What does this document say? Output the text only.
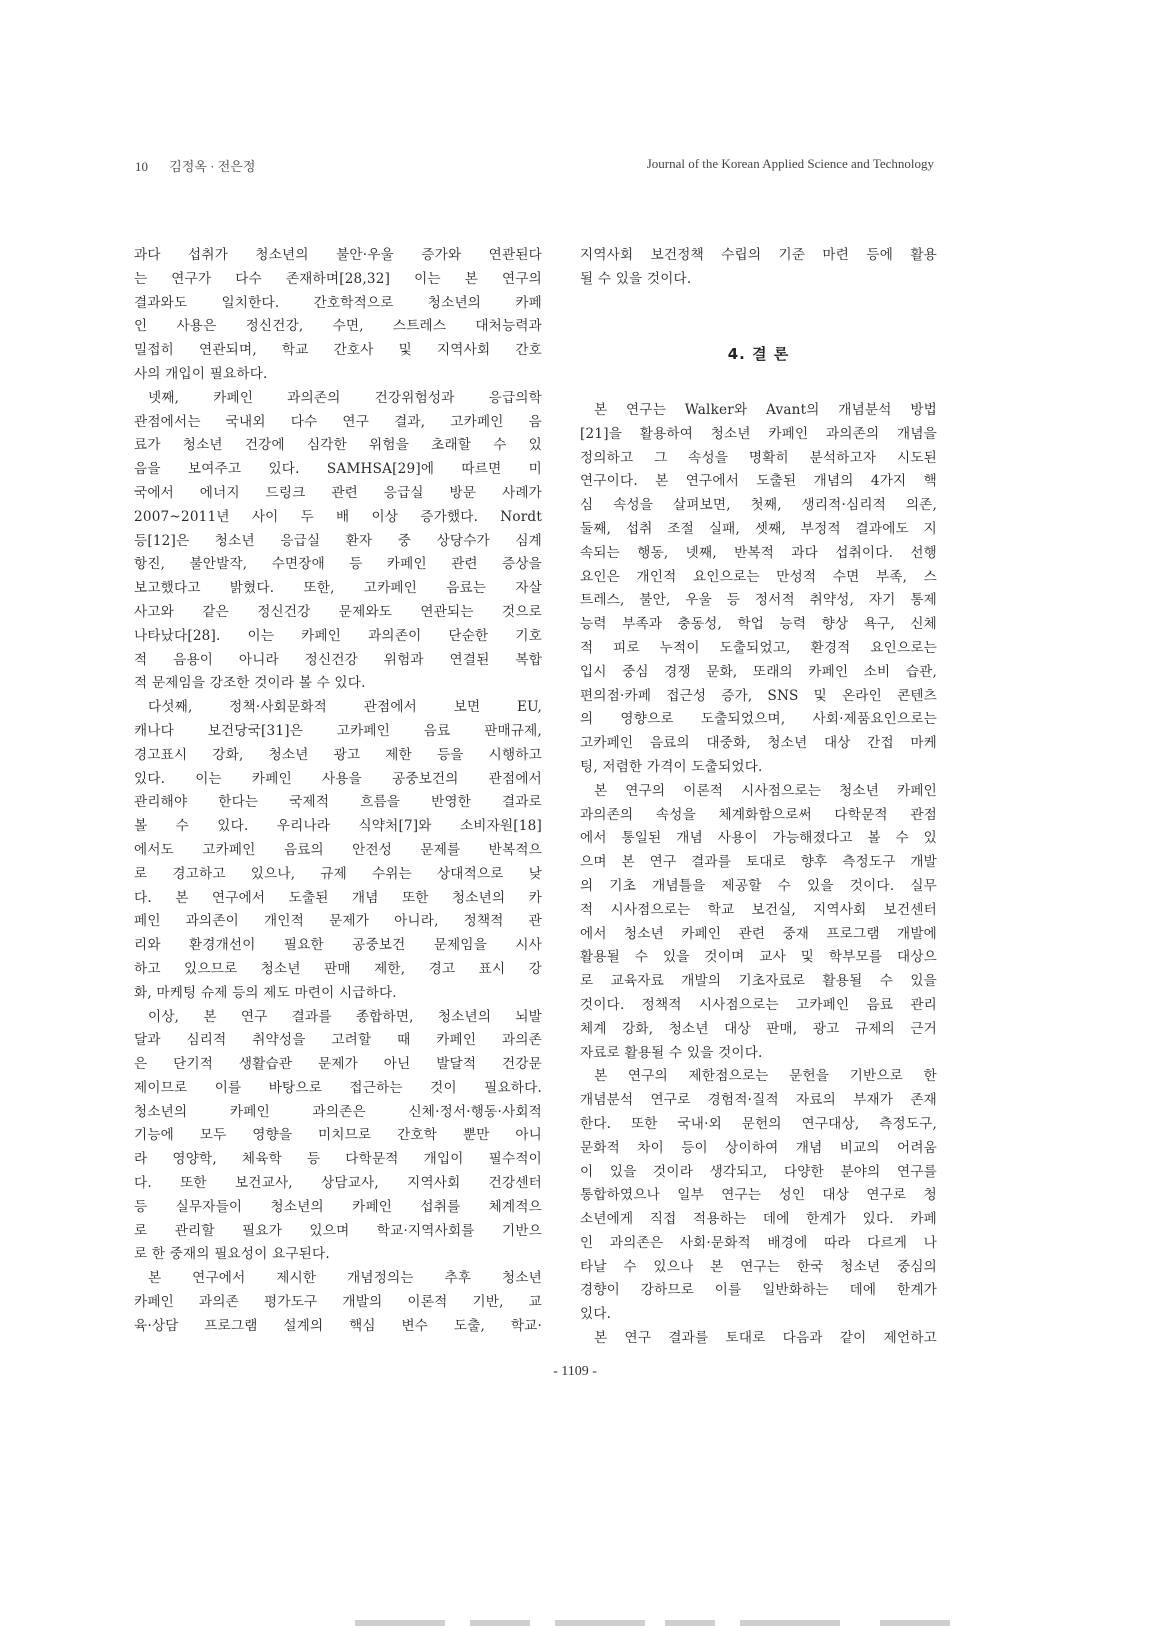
10 김정옥 · 전은정	Journal of the Korean Applied Science and Technology
과다 섭취가 청소년의 불안·우울 증가와 연관된다
는 연구가 다수 존재하며[28,32] 이는 본 연구의
결과와도 일치한다. 간호학적으로 청소년의 카페
인 사용은 정신건강, 수면, 스트레스 대처능력과
밀접히 연관되며, 학교 간호사 및 지역사회 간호
사의 개입이 필요하다.
넷째, 카페인 과의존의 건강위험성과 응급의학
관점에서는 국내외 다수 연구 결과, 고카페인 음
료가 청소년 건강에 심각한 위험을 초래할 수 있
음을 보여주고 있다. SAMHSA[29]에 따르면 미
국에서 에너지 드링크 관련 응급실 방문 사례가
2007~2011년 사이 두 배 이상 증가했다. Nordt
등[12]은 청소년 응급실 환자 중 상당수가 심계
항진, 불안발작, 수면장애 등 카페인 관련 증상을
보고했다고 밝혔다. 또한, 고카페인 음료는 자살
사고와 같은 정신건강 문제와도 연관되는 것으로
나타났다[28]. 이는 카페인 과의존이 단순한 기호
적 음용이 아니라 정신건강 위험과 연결된 복합
적 문제임을 강조한 것이라 볼 수 있다.
다섯째, 정책·사회문화적 관점에서 보면 EU,
캐나다 보건당국[31]은 고카페인 음료 판매규제,
경고표시 강화, 청소년 광고 제한 등을 시행하고
있다. 이는 카페인 사용을 공중보건의 관점에서
관리해야 한다는 국제적 흐름을 반영한 결과로
볼 수 있다. 우리나라 식약처[7]와 소비자원[18]
에서도 고카페인 음료의 안전성 문제를 반복적으
로 경고하고 있으나, 규제 수위는 상대적으로 낮
다. 본 연구에서 도출된 개념 또한 청소년의 카
페인 과의존이 개인적 문제가 아니라, 정책적 관
리와 환경개선이 필요한 공중보건 문제임을 시사
하고 있으므로 청소년 판매 제한, 경고 표시 강
화, 마케팅 슈제 등의 제도 마련이 시급하다.
이상, 본 연구 결과를 종합하면, 청소년의 뇌발
달과 심리적 취약성을 고려할 때 카페인 과의존
은 단기적 생활습관 문제가 아닌 발달적 건강문
제이므로 이를 바탕으로 접근하는 것이 필요하다.
청소년의 카페인 과의존은 신체·정서·행동·사회적
기능에 모두 영향을 미치므로 간호학 뿐만 아니
라 영양학, 체육학 등 다학문적 개입이 필수적이
다. 또한 보건교사, 상담교사, 지역사회 건강센터
등 실무자들이 청소년의 카페인 섭취를 체계적으
로 관리할 필요가 있으며 학교·지역사회를 기반으
로 한 중재의 필요성이 요구된다.
본 연구에서 제시한 개념정의는 추후 청소년
카페인 과의존 평가도구 개발의 이론적 기반, 교
육·상담 프로그램 설계의 핵심 변수 도출, 학교·
지역사회 보건정책 수립의 기준 마련 등에 활용
될 수 있을 것이다.
4. 결 론
본 연구는 Walker와 Avant의 개념분석 방법
[21]을 활용하여 청소년 카페인 과의존의 개념을
정의하고 그 속성을 명확히 분석하고자 시도된
연구이다. 본 연구에서 도출된 개념의 4가지 핵
심 속성을 살펴보면, 첫째, 생리적·심리적 의존,
둘째, 섭취 조절 실패, 셋째, 부정적 결과에도 지
속되는 행동, 넷째, 반복적 과다 섭취이다. 선행
요인은 개인적 요인으로는 만성적 수면 부족, 스
트레스, 불안, 우울 등 정서적 취약성, 자기 통제
능력 부족과 충동성, 학업 능력 향상 욕구, 신체
적 피로 누적이 도출되었고, 환경적 요인으로는
입시 중심 경쟁 문화, 또래의 카페인 소비 습관,
편의점·카페 접근성 증가, SNS 및 온라인 콘텐츠
의 영향으로 도출되었으며, 사회·제품요인으로는
고카페인 음료의 대중화, 청소년 대상 간접 마케
팅, 저렴한 가격이 도출되었다.
본 연구의 이론적 시사점으로는 청소년 카페인
과의존의 속성을 체계화함으로써 다학문적 관점
에서 통일된 개념 사용이 가능해졌다고 볼 수 있
으며 본 연구 결과를 토대로 향후 측정도구 개발
의 기초 개념틀을 제공할 수 있을 것이다. 실무
적 시사점으로는 학교 보건실, 지역사회 보건센터
에서 청소년 카페인 관련 중재 프로그램 개발에
활용될 수 있을 것이며 교사 및 학부모를 대상으
로 교육자료 개발의 기초자료로 활용될 수 있을
것이다. 정책적 시사점으로는 고카페인 음료 관리
체계 강화, 청소년 대상 판매, 광고 규제의 근거
자료로 활용될 수 있을 것이다.
본 연구의 제한점으로는 문헌을 기반으로 한
개념분석 연구로 경험적·질적 자료의 부재가 존재
한다. 또한 국내·외 문헌의 연구대상, 측정도구,
문화적 차이 등이 상이하여 개념 비교의 어려움
이 있을 것이라 생각되고, 다양한 분야의 연구를
통합하였으나 일부 연구는 성인 대상 연구로 청
소년에게 직접 적용하는 데에 한계가 있다. 카페
인 과의존은 사회·문화적 배경에 따라 다르게 나
타날 수 있으나 본 연구는 한국 청소년 중심의
경향이 강하므로 이를 일반화하는 데에 한계가
있다.
본 연구 결과를 토대로 다음과 같이 제언하고
- 1109 -
